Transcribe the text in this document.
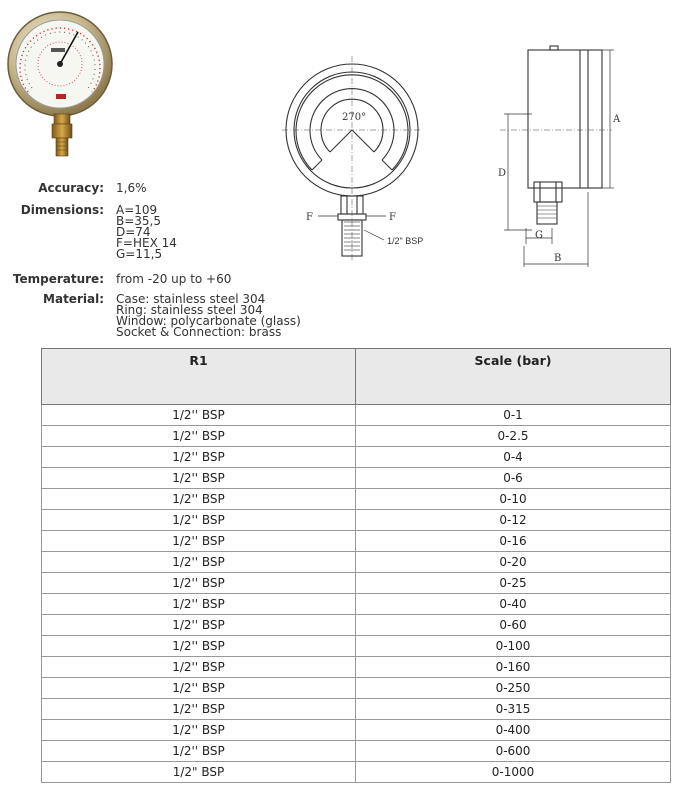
Accuracy: 1,6%
Dimensions: A=109
B=35,5
D=74
F=HEX 14
G=11,5
Temperature: from -20 up to +60
Material: Case: stainless steel 304
Ring: stainless steel 304
Window: polycarbonate (glass)
Socket & Connection: brass
270°
F	F
1/2" BSP
A
D
G
B
R1	Scale (bar)
1/2'' BSP	0-1
1/2'' BSP	0-2.5
1/2'' BSP	0-4
1/2'' BSP	0-6
1/2'' BSP	0-10
1/2'' BSP	0-12
1/2'' BSP	0-16
1/2'' BSP	0-20
1/2'' BSP	0-25
1/2'' BSP	0-40
1/2'' BSP	0-60
1/2'' BSP	0-100
1/2'' BSP	0-160
1/2'' BSP	0-250
1/2'' BSP	0-315
1/2'' BSP	0-400
1/2'' BSP	0-600
1/2" BSP	0-1000
